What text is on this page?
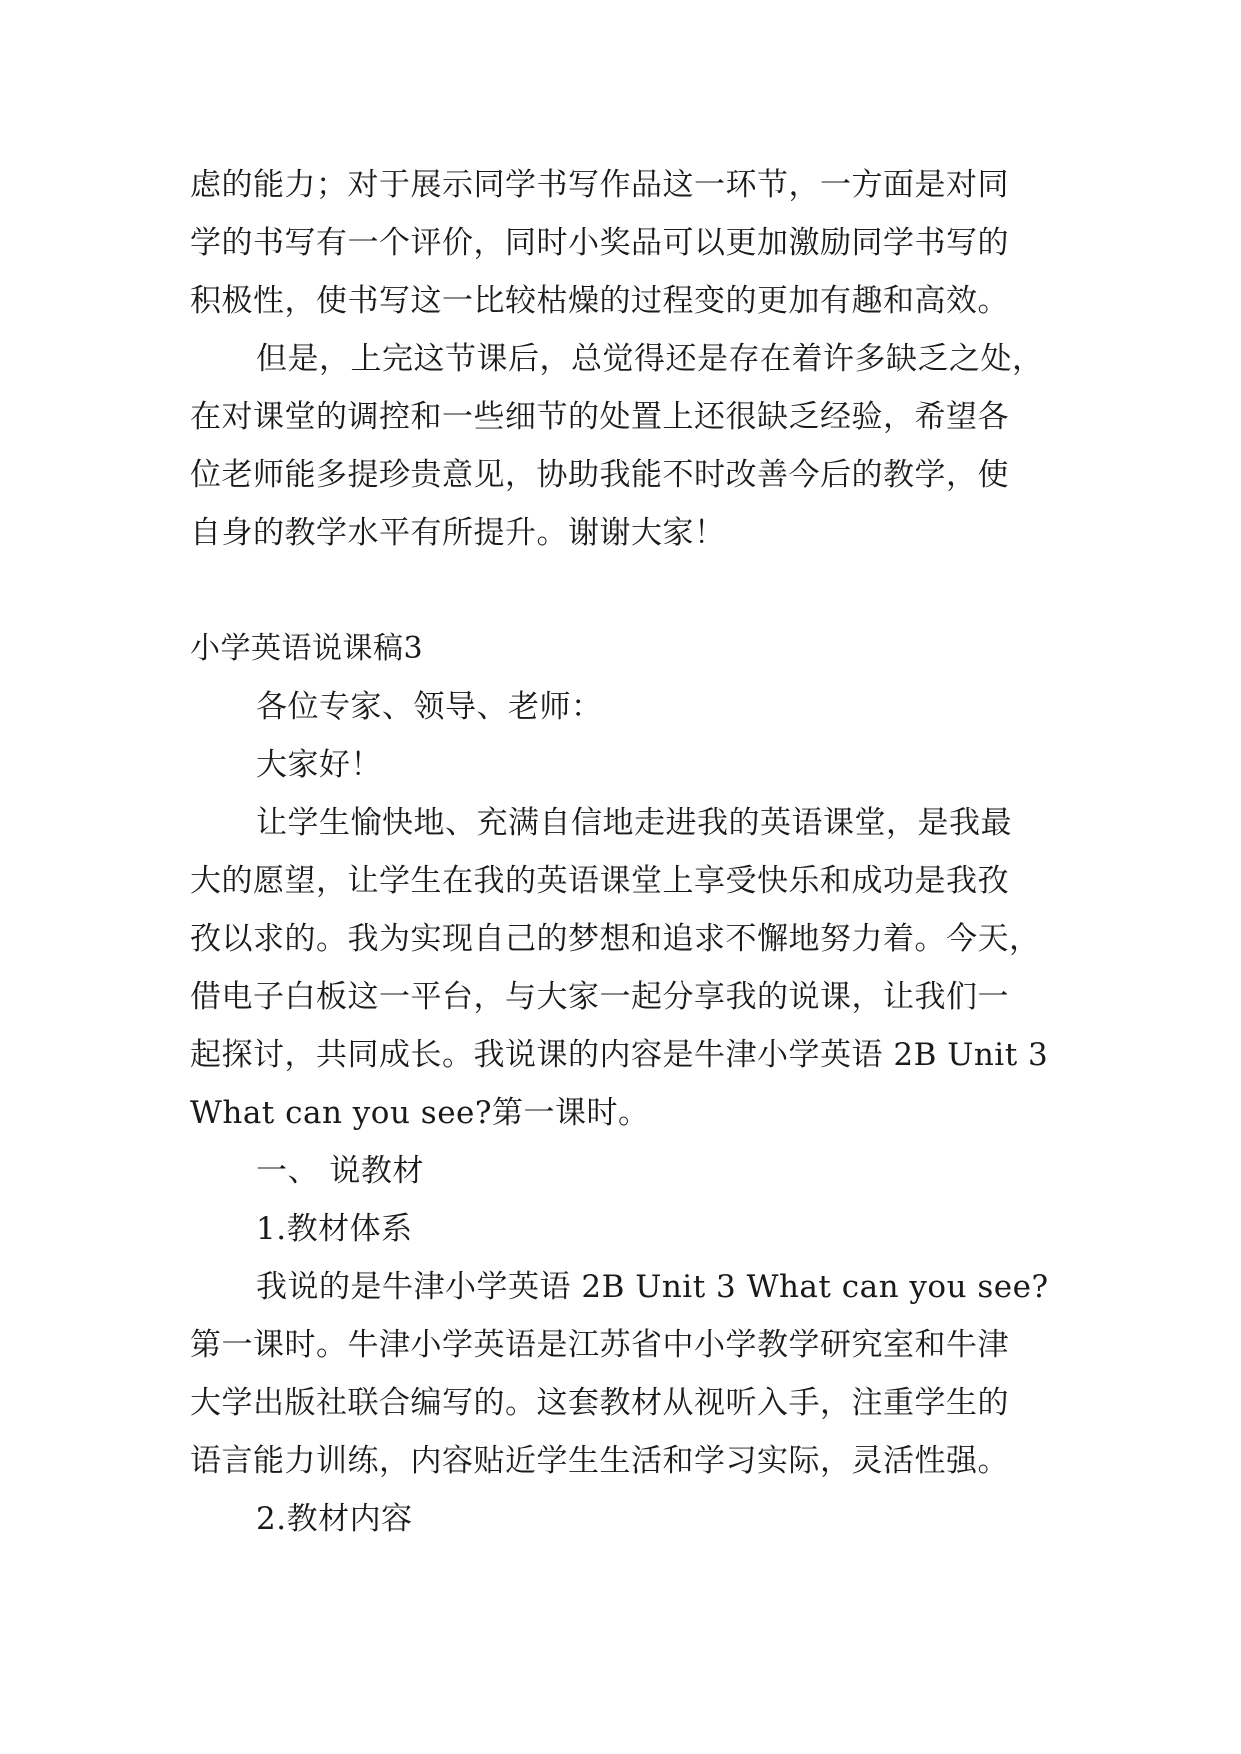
虑的能力；对于展示同学书写作品这一环节，一方面是对同
学的书写有一个评价，同时小奖品可以更加激励同学书写的
积极性，使书写这一比较枯燥的过程变的更加有趣和高效。
但是，上完这节课后，总觉得还是存在着许多缺乏之处，
在对课堂的调控和一些细节的处置上还很缺乏经验，希望各
位老师能多提珍贵意见，协助我能不时改善今后的教学，使
自身的教学水平有所提升。谢谢大家！
小学英语说课稿3
各位专家、领导、老师：
大家好！
让学生愉快地、充满自信地走进我的英语课堂，是我最
大的愿望，让学生在我的英语课堂上享受快乐和成功是我孜
孜以求的。我为实现自己的梦想和追求不懈地努力着。今天，
借电子白板这一平台，与大家一起分享我的说课，让我们一
起探讨，共同成长。我说课的内容是牛津小学英语 2B Unit 3
What can you see?第一课时。
一、 说教材
1.教材体系
我说的是牛津小学英语 2B Unit 3 What can you see?
第一课时。牛津小学英语是江苏省中小学教学研究室和牛津
大学出版社联合编写的。这套教材从视听入手，注重学生的
语言能力训练，内容贴近学生生活和学习实际，灵活性强。
2.教材内容
